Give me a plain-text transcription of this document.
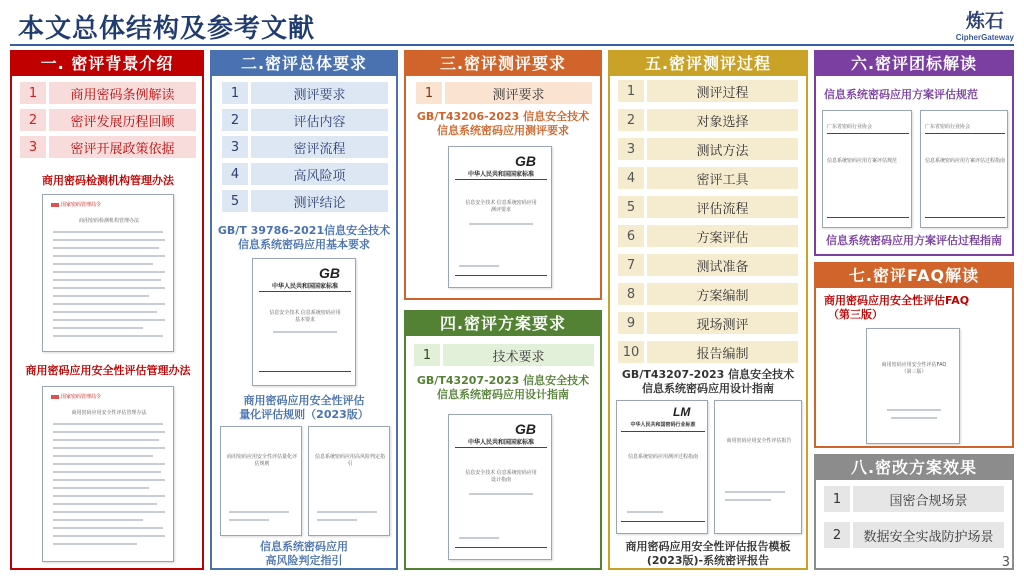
本文总体结构及参考文献	炼石
CipherGateway
一. 密评背景介绍
1	商用密码条例解读
2	密评发展历程回顾
3	密评开展政策依据
商用密码检测机构管理办法
国家密码管理局令
商用密码检测机构管理办法
商用密码应用安全性评估管理办法
国家密码管理局令
商用密码应用安全性评估管理办法
二.密评总体要求
1	测评要求
2	评估内容
3	密评流程
4	高风险项
5	测评结论
GB/T 39786-2021信息安全技术
信息系统密码应用基本要求
GB
中华人民共和国国家标准
信息安全技术 信息系统密码应用基本要求
商用密码应用安全性评估
量化评估规则（2023版）
商用密码应用安全性评估量化评估规则
信息系统密码应用高风险判定指引
信息系统密码应用
高风险判定指引
三.密评测评要求
1	测评要求
GB/T43206-2023 信息安全技术
信息系统密码应用测评要求
GB
中华人民共和国国家标准
信息安全技术 信息系统密码应用测评要求
四.密评方案要求
1	技术要求
GB/T43207-2023 信息安全技术
信息系统密码应用设计指南
GB
中华人民共和国国家标准
信息安全技术 信息系统密码应用设计指南
五.密评测评过程
1	测评过程
2	对象选择
3	测试方法
4	密评工具
5	评估流程
6	方案评估
7	测试准备
8	方案编制
9	现场测评
10	报告编制
GB/T43207-2023 信息安全技术
信息系统密码应用设计指南
LM
中华人民共和国密码行业标准
信息系统密码应用测评过程指南
商用密码应用安全性评估报告
商用密码应用安全性评估报告模板
(2023版)-系统密评报告
六.密评团标解读
信息系统密码应用方案评估规范
广东省密码行业协会
信息系统密码应用方案评估规范
广东省密码行业协会
信息系统密码应用方案评估过程指南
信息系统密码应用方案评估过程指南
七.密评FAQ解读
商用密码应用安全性评估FAQ
（第三版）
商用密码应用安全性评估FAQ（第三版）
八.密改方案效果
1	国密合规场景
2	数据安全实战防护场景
3
